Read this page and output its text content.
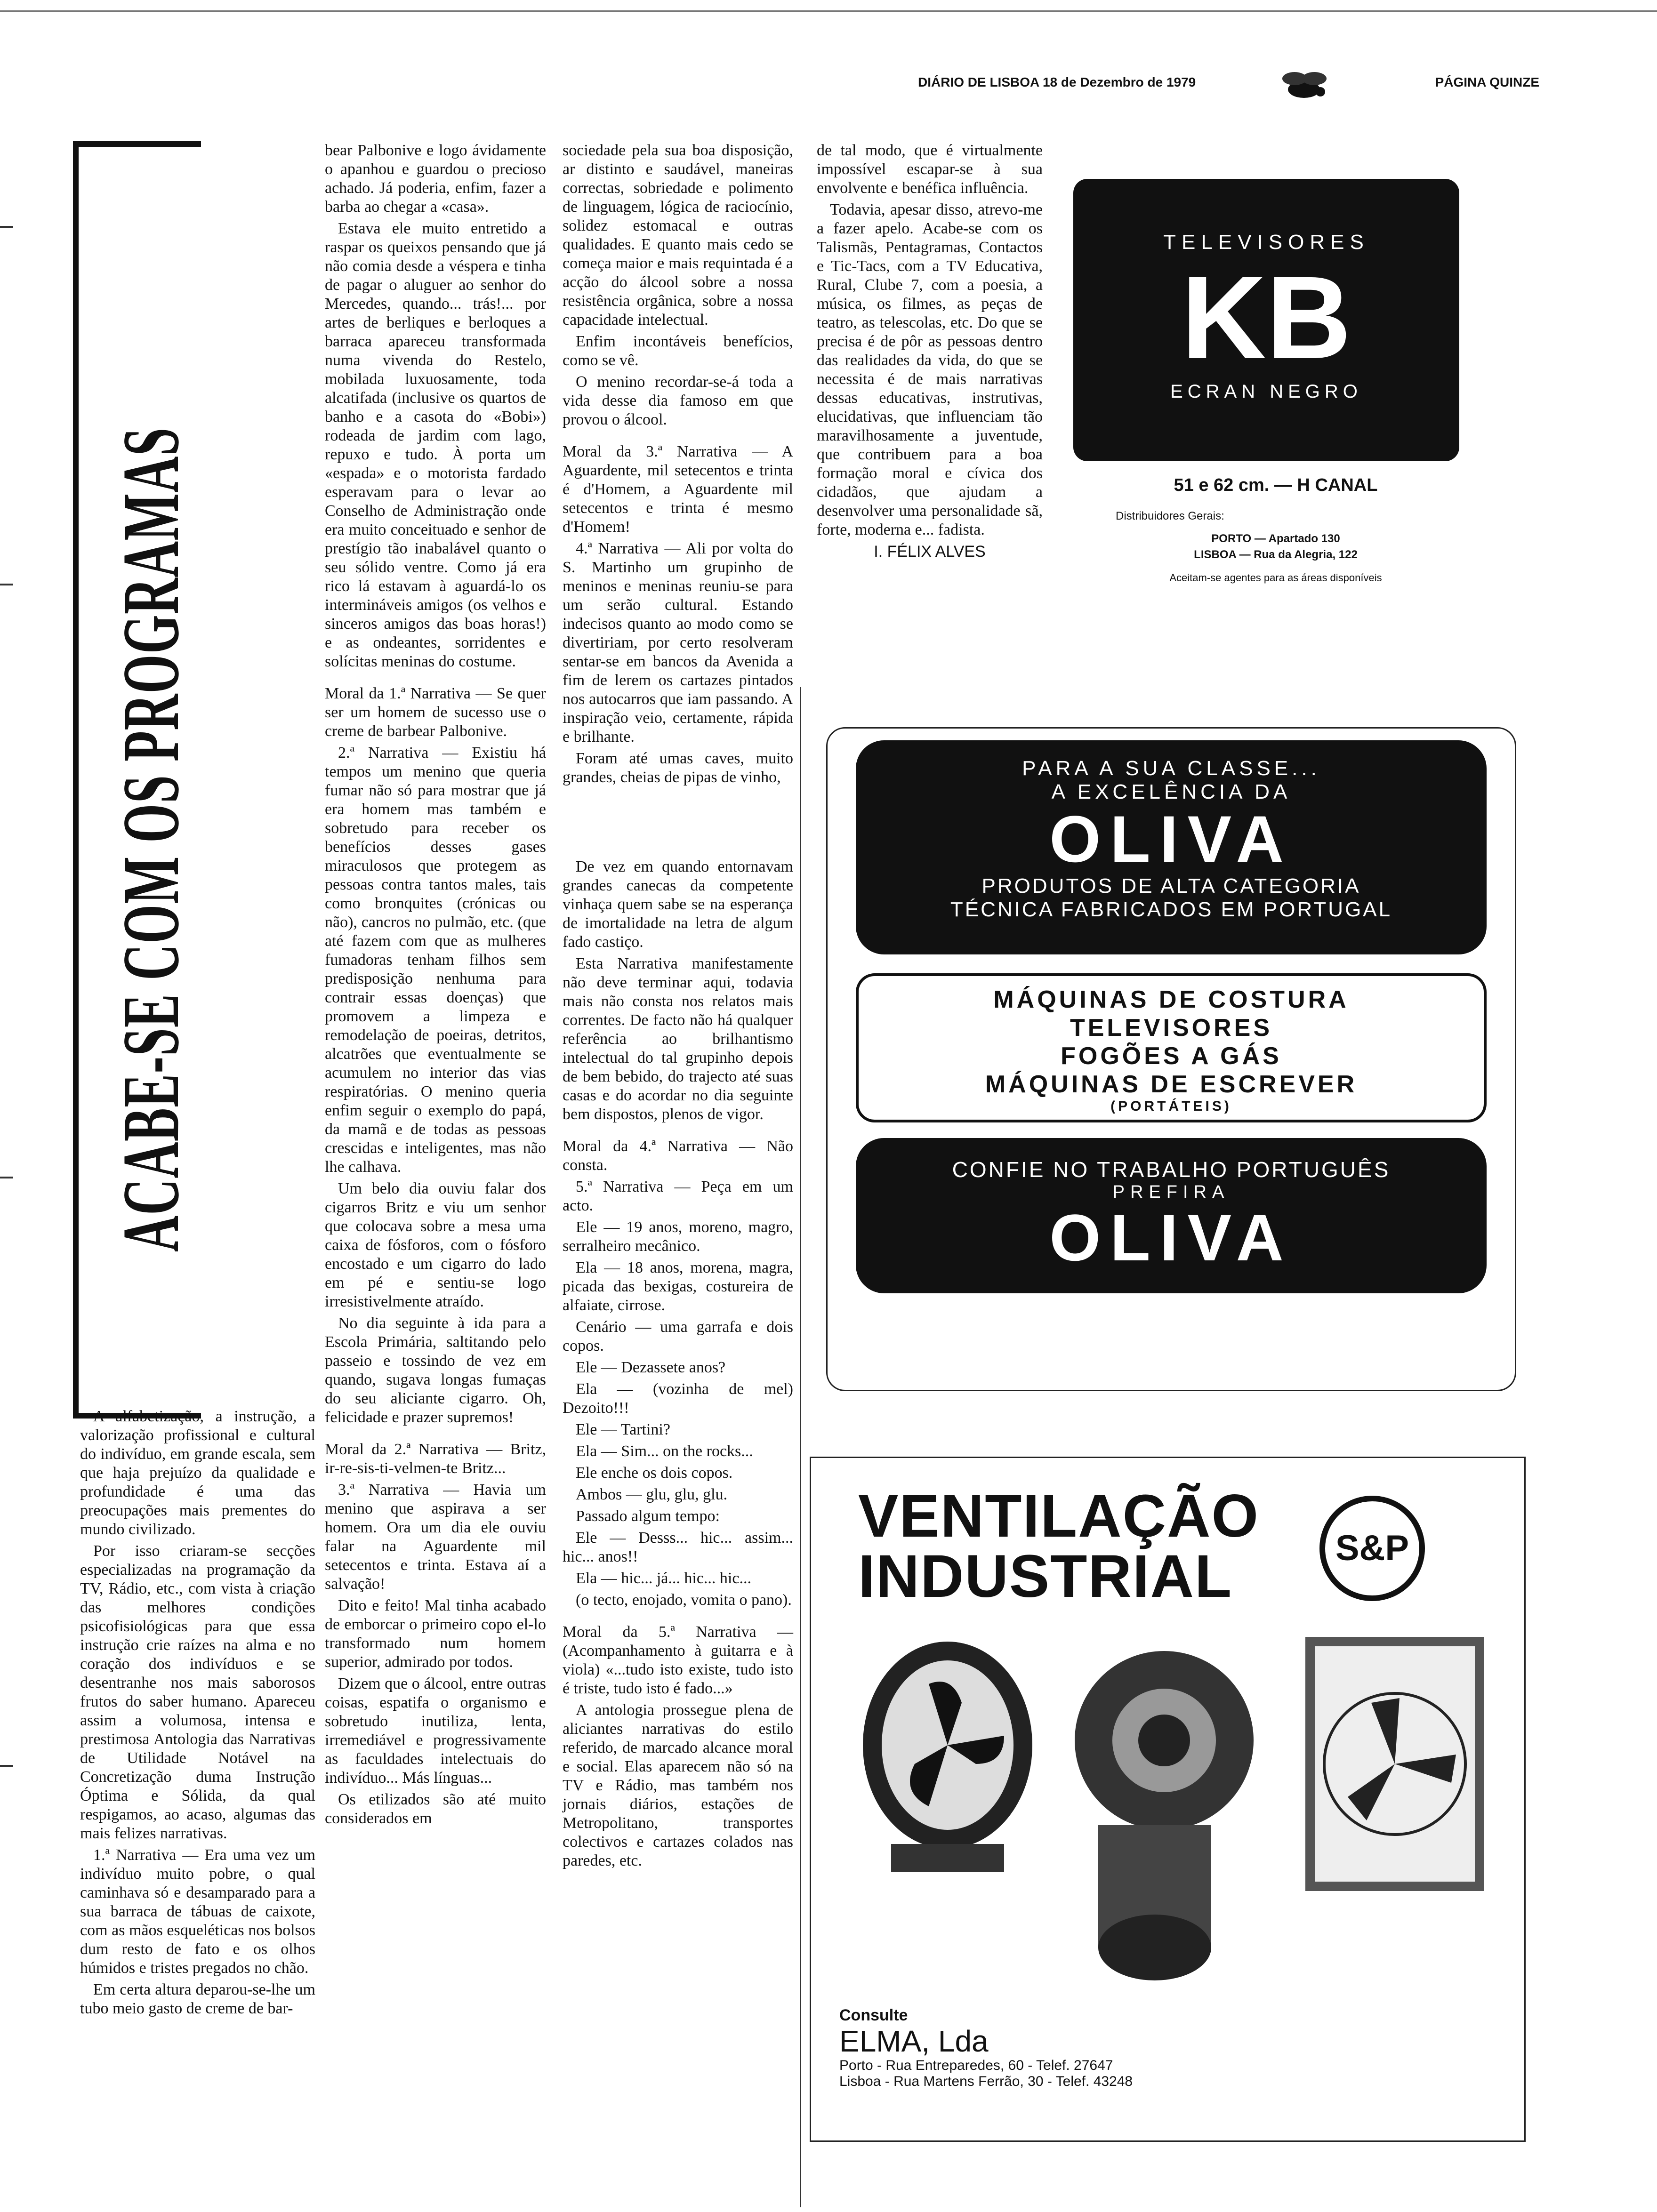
DIÁRIO DE LISBOA 18 de Dezembro de 1979	PÁGINA QUINZE
ACABE-SE COM OS PROGRAMAS

A alfabetização, a instrução, a valorização profissional e cultural do indivíduo, em grande escala, sem que haja prejuízo da qualidade e profundidade é uma das preocupações mais prementes do mundo civilizado.

Por isso criaram-se secções especializadas na programação da TV, Rádio, etc., com vista à criação das melhores condições psicofisiológicas para que essa instrução crie raízes na alma e no coração dos indivíduos e se desentranhe nos mais saborosos frutos do saber humano. Apareceu assim a volumosa, intensa e prestimosa Antologia das Narrativas de Utilidade Notável na Concretização duma Instrução Óptima e Sólida, da qual respigamos, ao acaso, algumas das mais felizes narrativas.

1.ª Narrativa — Era uma vez um indivíduo muito pobre, o qual caminhava só e desamparado para a sua barraca de tábuas de caixote, com as mãos esqueléticas nos bolsos dum resto de fato e os olhos húmidos e tristes pregados no chão.

Em certa altura deparou-se-lhe um tubo meio gasto de creme de bar-

bear Palbonive e logo ávidamente o apanhou e guardou o precioso achado. Já poderia, enfim, fazer a barba ao chegar a «casa».

Estava ele muito entretido a raspar os queixos pensando que já não comia desde a véspera e tinha de pagar o aluguer ao senhor do Mercedes, quando... trás!... por artes de berliques e berloques a barraca apareceu transformada numa vivenda do Restelo, mobilada luxuosamente, toda alcatifada (inclusive os quartos de banho e a casota do «Bobi») rodeada de jardim com lago, repuxo e tudo. À porta um «espada» e o motorista fardado esperavam para o levar ao Conselho de Administração onde era muito conceituado e senhor de prestígio tão inabalável quanto o seu sólido ventre. Como já era rico lá estavam à aguardá-lo os intermináveis amigos (os velhos e sinceros amigos das boas horas!) e as ondeantes, sorridentes e solícitas meninas do costume.

Moral da 1.ª Narrativa — Se quer ser um homem de sucesso use o creme de barbear Palbonive.

2.ª Narrativa — Existiu há tempos um menino que queria fumar não só para mostrar que já era homem mas também e sobretudo para receber os benefícios desses gases miraculosos que protegem as pessoas contra tantos males, tais como bronquites (crónicas ou não), cancros no pulmão, etc. (que até fazem com que as mulheres fumadoras tenham filhos sem predisposição nenhuma para contrair essas doenças) que promovem a limpeza e remodelação de poeiras, detritos, alcatrões que eventualmente se acumulem no interior das vias respiratórias. O menino queria enfim seguir o exemplo do papá, da mamã e de todas as pessoas crescidas e inteligentes, mas não lhe calhava.

Um belo dia ouviu falar dos cigarros Britz e viu um senhor que colocava sobre a mesa uma caixa de fósforos, com o fósforo encostado e um cigarro do lado em pé e sentiu-se logo irresistivelmente atraído.

No dia seguinte à ida para a Escola Primária, saltitando pelo passeio e tossindo de vez em quando, sugava longas fumaças do seu aliciante cigarro. Oh, felicidade e prazer supremos!

Moral da 2.ª Narrativa — Britz, ir-re-sis-ti-velmen-te Britz...

3.ª Narrativa — Havia um menino que aspirava a ser homem. Ora um dia ele ouviu falar na Aguardente mil setecentos e trinta. Estava aí a salvação!

Dito e feito! Mal tinha acabado de emborcar o primeiro copo el-lo transformado num homem superior, admirado por todos.

Dizem que o álcool, entre outras coisas, espatifa o organismo e sobretudo inutiliza, lenta, irremediável e progressivamente as faculdades intelectuais do indivíduo... Más línguas...

Os etilizados são até muito considerados em

sociedade pela sua boa disposição, ar distinto e saudável, maneiras correctas, sobriedade e polimento de linguagem, lógica de raciocínio, solidez estomacal e outras qualidades. E quanto mais cedo se começa maior e mais requintada é a acção do álcool sobre a nossa resistência orgânica, sobre a nossa capacidade intelectual.

Enfim incontáveis benefícios, como se vê.

O menino recordar-se-á toda a vida desse dia famoso em que provou o álcool.

Moral da 3.ª Narrativa — A Aguardente, mil setecentos e trinta é d'Homem, a Aguardente mil setecentos e trinta é mesmo d'Homem!

4.ª Narrativa — Ali por volta do S. Martinho um grupinho de meninos e meninas reuniu-se para um serão cultural. Estando indecisos quanto ao modo como se divertiriam, por certo resolveram sentar-se em bancos da Avenida a fim de lerem os cartazes pintados nos autocarros que iam passando. A inspiração veio, certamente, rápida e brilhante.

Foram até umas caves, muito grandes, cheias de pipas de vinho,

De vez em quando entornavam grandes canecas da competente vinhaça quem sabe se na esperança de imortalidade na letra de algum fado castiço.

Esta Narrativa manifestamente não deve terminar aqui, todavia mais não consta nos relatos mais correntes. De facto não há qualquer referência ao brilhantismo intelectual do tal grupinho depois de bem bebido, do trajecto até suas casas e do acordar no dia seguinte bem dispostos, plenos de vigor.

Moral da 4.ª Narrativa — Não consta.

5.ª Narrativa — Peça em um acto.

Ele — 19 anos, moreno, magro, serralheiro mecânico.

Ela — 18 anos, morena, magra, picada das bexigas, costureira de alfaiate, cirrose.

Cenário — uma garrafa e dois copos.

Ele — Dezassete anos?

Ela — (vozinha de mel) Dezoito!!!

Ele — Tartini?

Ela — Sim... on the rocks...

Ele enche os dois copos.

Ambos — glu, glu, glu.

Passado algum tempo:

Ele — Desss... hic... assim... hic... anos!!

Ela — hic... já... hic... hic...

(o tecto, enojado, vomita o pano).

Moral da 5.ª Narrativa — (Acompanhamento à guitarra e à viola) «...tudo isto existe, tudo isto é triste, tudo isto é fado...»

A antologia prossegue plena de aliciantes narrativas do estilo referido, de marcado alcance moral e social. Elas aparecem não só na TV e Rádio, mas também nos jornais diários, estações de Metropolitano, transportes colectivos e cartazes colados nas paredes, etc.

de tal modo, que é virtualmente impossível escapar-se à sua envolvente e benéfica influência.

Todavia, apesar disso, atrevo-me a fazer apelo. Acabe-se com os Talismãs, Pentagramas, Contactos e Tic-Tacs, com a TV Educativa, Rural, Clube 7, com a poesia, a música, os filmes, as peças de teatro, as telescolas, etc. Do que se precisa é de pôr as pessoas dentro das realidades da vida, do que se necessita é de mais narrativas dessas educativas, instrutivas, elucidativas, que influenciam tão maravilhosamente a juventude, que contribuem para a boa formação moral e cívica dos cidadãos, que ajudam a desenvolver uma personalidade sã, forte, moderna e... fadista.

I. FÉLIX ALVES

TELEVISORES
KB
ECRAN NEGRO
51 e 62 cm. — H CANAL
Distribuidores Gerais:
PORTO — Apartado 130
LISBOA — Rua da Alegria, 122
Aceitam-se agentes para as áreas disponíveis
PARA A SUA CLASSE...
A EXCELÊNCIA DA
OLIVA
PRODUTOS DE ALTA CATEGORIA
TÉCNICA FABRICADOS EM PORTUGAL
MÁQUINAS DE COSTURA
TELEVISORES
FOGÕES A GÁS
MÁQUINAS DE ESCREVER
(PORTÁTEIS)
CONFIE NO TRABALHO PORTUGUÊS
PREFIRA
OLIVA
VENTILAÇÃO
INDUSTRIAL	S&P
Consulte
ELMA, Lda
Porto - Rua Entreparedes, 60 - Telef. 27647
Lisboa - Rua Martens Ferrão, 30 - Telef. 43248
